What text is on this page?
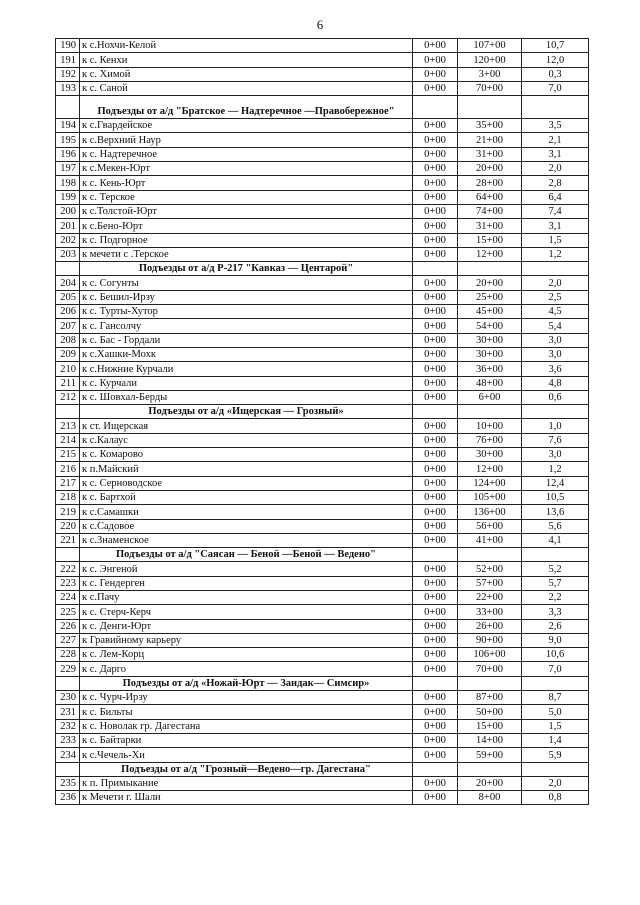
6
190	к с.Нохчи-Келой	0+00	107+00	10,7
191	к с. Кенхи	0+00	120+00	12,0
192	к с. Химой	0+00	3+00	0,3
193	к с. Саной	0+00	70+00	7,0
	Подъезды от а/д "Братское — Надтеречное —Правобережное"			
194	к с.Гвардейское	0+00	35+00	3,5
195	к с.Верхний Наур	0+00	21+00	2,1
196	к с. Надтеречное	0+00	31+00	3,1
197	к с.Мекен-Юрт	0+00	20+00	2,0
198	к с. Кень-Юрт	0+00	28+00	2,8
199	к с. Терское	0+00	64+00	6,4
200	к с.Толстой-Юрт	0+00	74+00	7,4
201	к с.Бено-Юрт	0+00	31+00	3,1
202	к с. Подгорное	0+00	15+00	1,5
203	к мечети с .Терское	0+00	12+00	1,2
	Подъезды от а/д Р-217 "Кавказ — Центарой"			
204	к с. Согунты	0+00	20+00	2,0
205	к с. Бешил-Ирзу	0+00	25+00	2,5
206	к с. Турты-Хутор	0+00	45+00	4,5
207	к с. Гансолчу	0+00	54+00	5,4
208	к с. Бас - Гордали	0+00	30+00	3,0
209	к с.Хашки-Мохк	0+00	30+00	3,0
210	к с.Нижние Курчали	0+00	36+00	3,6
211	к с. Курчали	0+00	48+00	4,8
212	к с. Шовхал-Берды	0+00	6+00	0,6
	Подъезды от а/д «Ищерская — Грозный»			
213	к ст. Ищерская	0+00	10+00	1,0
214	к с.Калаус	0+00	76+00	7,6
215	к с. Комарово	0+00	30+00	3,0
216	к п.Майский	0+00	12+00	1,2
217	к с. Серноводское	0+00	124+00	12,4
218	к с. Бартхой	0+00	105+00	10,5
219	к с.Самашки	0+00	136+00	13,6
220	к с.Садовое	0+00	56+00	5,6
221	к с.Знаменское	0+00	41+00	4,1
	Подъезды от а/д "Саясан — Беной —Беной — Ведено"			
222	к с. Энгеной	0+00	52+00	5,2
223	к с. Гендерген	0+00	57+00	5,7
224	к с.Пачу	0+00	22+00	2,2
225	к с. Стерч-Керч	0+00	33+00	3,3
226	к с. Денги-Юрт	0+00	26+00	2,6
227	к Гравийному карьеру	0+00	90+00	9,0
228	к с. Лем-Корц	0+00	106+00	10,6
229	к с. Дарго	0+00	70+00	7,0
	Подъезды от а/д «Ножай-Юрт — Зандак— Симсир»			
230	к с. Чурч-Ирзу	0+00	87+00	8,7
231	к с. Бильты	0+00	50+00	5,0
232	к с. Новолак гр. Дагестана	0+00	15+00	1,5
233	к с. Байтарки	0+00	14+00	1,4
234	к с.Чечель-Хи	0+00	59+00	5,9
	Подъезды от а/д "Грозный—Ведено—гр. Дагестана"			
235	к п. Примыкание	0+00	20+00	2,0
236	к Мечети г. Шали	0+00	8+00	0,8
